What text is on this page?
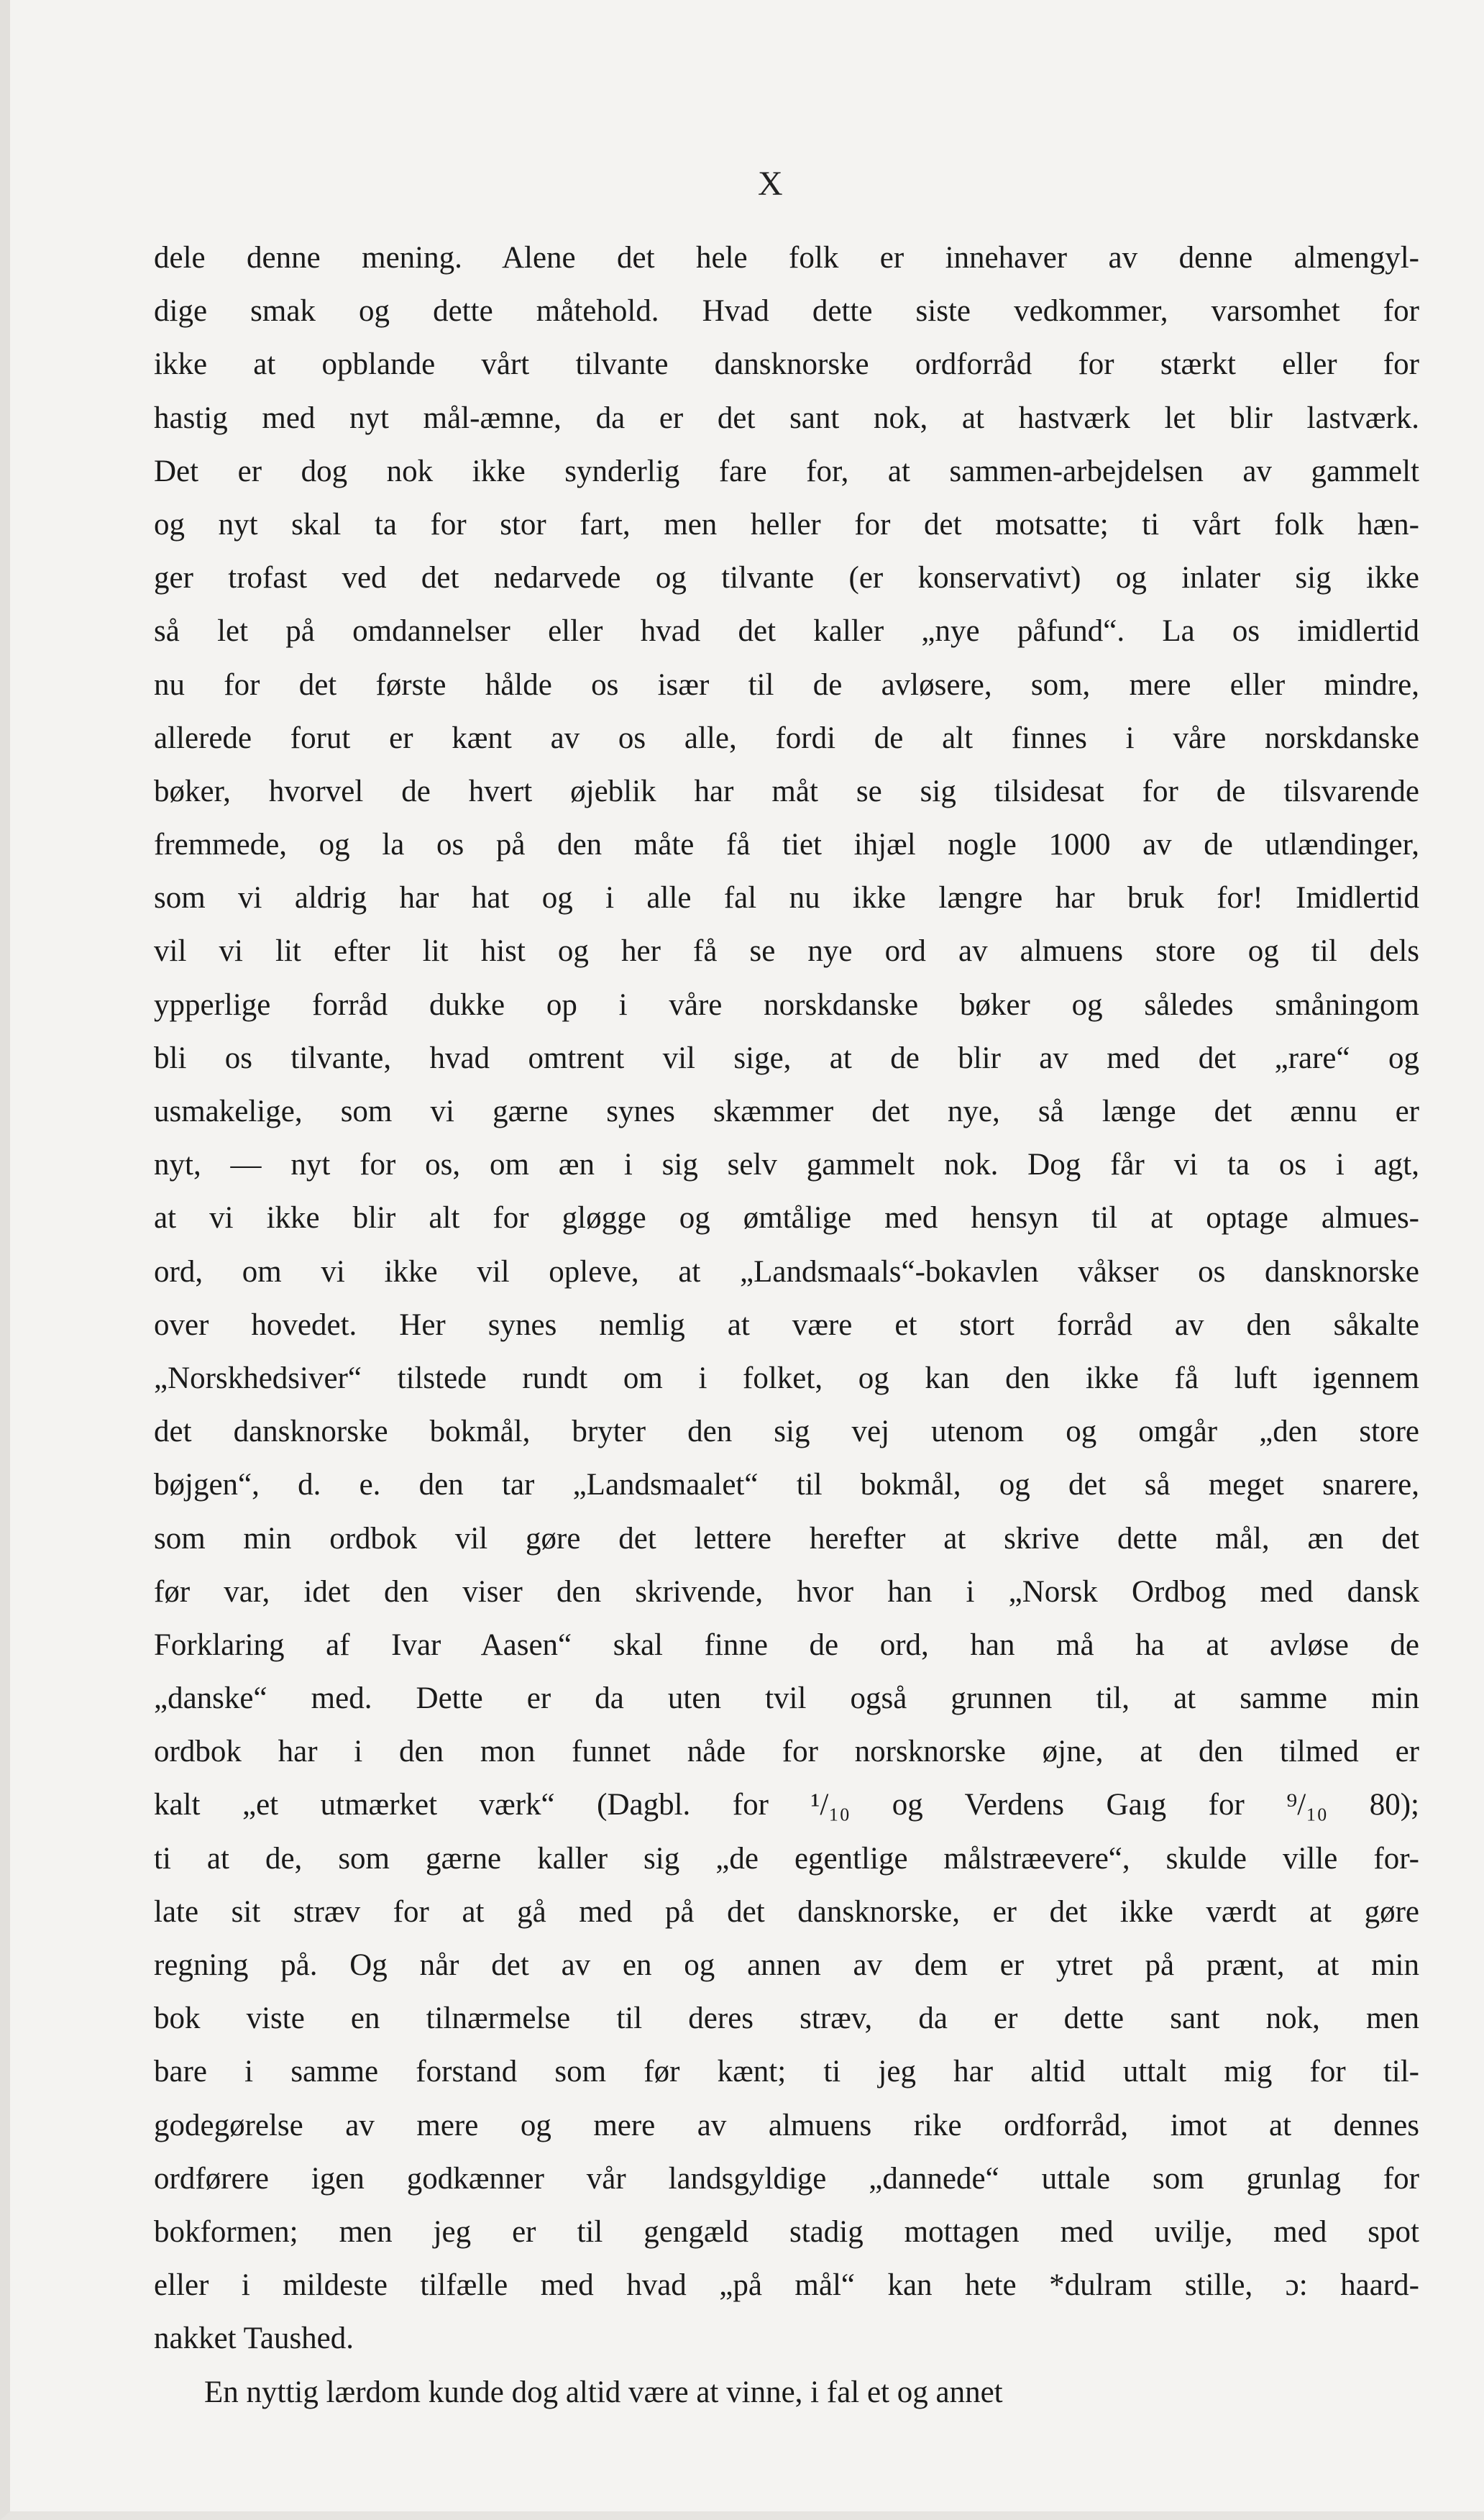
X
dele denne mening. Alene det hele folk er innehaver av denne almengyl-
dige smak og dette måtehold. Hvad dette siste vedkommer, varsomhet for
ikke at opblande vårt tilvante dansknorske ordforråd for stærkt eller for
hastig med nyt mål-æmne, da er det sant nok, at hastværk let blir lastværk.
Det er dog nok ikke synderlig fare for, at sammen-arbejdelsen av gammelt
og nyt skal ta for stor fart, men heller for det motsatte; ti vårt folk hæn-
ger trofast ved det nedarvede og tilvante (er konservativt) og inlater sig ikke
så let på omdannelser eller hvad det kaller „nye påfund“. La os imidlertid
nu for det første hålde os især til de avløsere, som, mere eller mindre,
allerede forut er kænt av os alle, fordi de alt finnes i våre norskdanske
bøker, hvorvel de hvert øjeblik har måt se sig tilsidesat for de tilsvarende
fremmede, og la os på den måte få tiet ihjæl nogle 1000 av de utlændinger,
som vi aldrig har hat og i alle fal nu ikke længre har bruk for! Imidlertid
vil vi lit efter lit hist og her få se nye ord av almuens store og til dels
ypperlige forråd dukke op i våre norskdanske bøker og således småningom
bli os tilvante, hvad omtrent vil sige, at de blir av med det „rare“ og
usmakelige, som vi gærne synes skæmmer det nye, så længe det ænnu er
nyt, — nyt for os, om æn i sig selv gammelt nok. Dog får vi ta os i agt,
at vi ikke blir alt for gløgge og ømtålige med hensyn til at optage almues-
ord, om vi ikke vil opleve, at „Landsmaals“-bokavlen våkser os dansknorske
over hovedet. Her synes nemlig at være et stort forråd av den såkalte
„Norskhedsiver“ tilstede rundt om i folket, og kan den ikke få luft igennem
det dansknorske bokmål, bryter den sig vej utenom og omgår „den store
bøjgen“, d. e. den tar „Landsmaalet“ til bokmål, og det så meget snarere,
som min ordbok vil gøre det lettere herefter at skrive dette mål, æn det
før var, idet den viser den skrivende, hvor han i „Norsk Ordbog med dansk
Forklaring af Ivar Aasen“ skal finne de ord, han må ha at avløse de
„danske“ med. Dette er da uten tvil også grunnen til, at samme min
ordbok har i den mon funnet nåde for norsknorske øjne, at den tilmed er
kalt „et utmærket værk“ (Dagbl. for ¹/₁₀ og Verdens Gaıg for ⁹/₁₀ 80);
ti at de, som gærne kaller sig „de egentlige målstræevere“, skulde ville for-
late sit stræv for at gå med på det dansknorske, er det ikke værdt at gøre
regning på. Og når det av en og annen av dem er ytret på prænt, at min
bok viste en tilnærmelse til deres stræv, da er dette sant nok, men
bare i samme forstand som før kænt; ti jeg har altid uttalt mig for til-
godegørelse av mere og mere av almuens rike ordforråd, imot at dennes
ordførere igen godkænner vår landsgyldige „dannede“ uttale som grunlag for
bokformen; men jeg er til gengæld stadig mottagen med uvilje, med spot
eller i mildeste tilfælle med hvad „på mål“ kan hete *dulram stille, ɔ: haard-
nakket Taushed.
En nyttig lærdom kunde dog altid være at vinne, i fal et og annet
